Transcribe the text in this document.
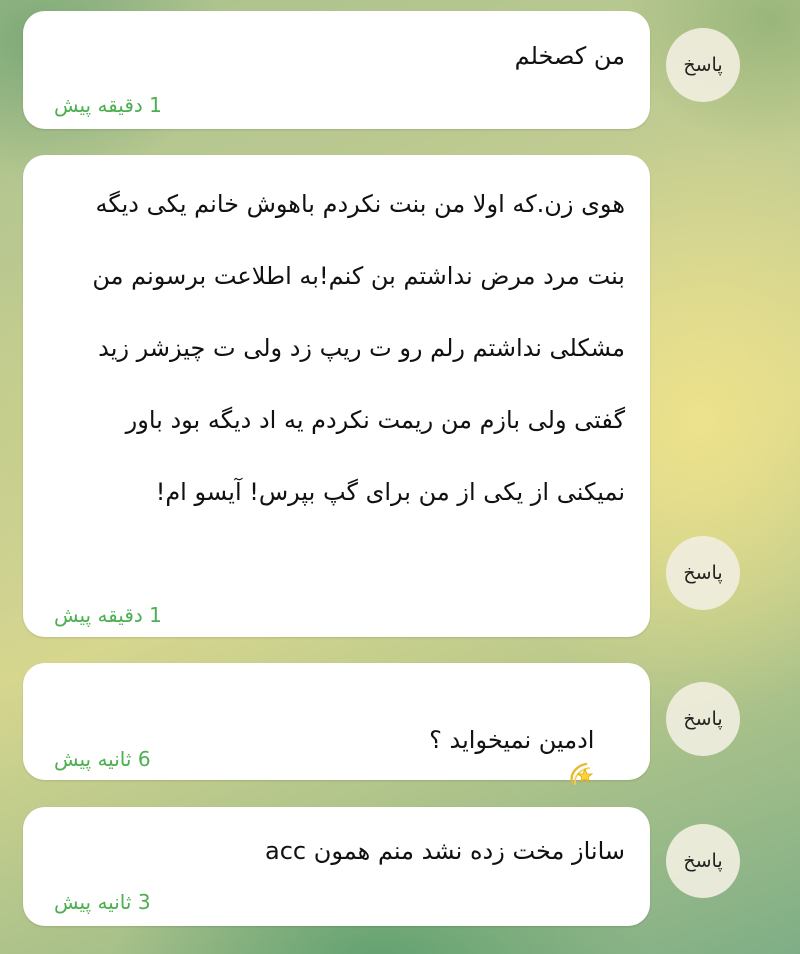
من کصخلم
1 دقیقه پیش
پاسخ
هوی زن.که اولا من بنت نکردم باهوش خانم یکی دیگه بنت مرد مرض نداشتم بن کنم!به اطلاعت برسونم من مشکلی نداشتم رلم رو ت ریپ زد ولی ت چیزشر زید گفتی ولی بازم من ریمت نکردم یه اد دیگه بود باور نمیکنی از یکی از من برای گپ بپرس! آیسو ام!
1 دقیقه پیش
پاسخ

ادمین نمیخواید ؟

6 ثانیه پیش
پاسخ
ساناز مخت زده نشد منم همون acc
3 ثانیه پیش
پاسخ
